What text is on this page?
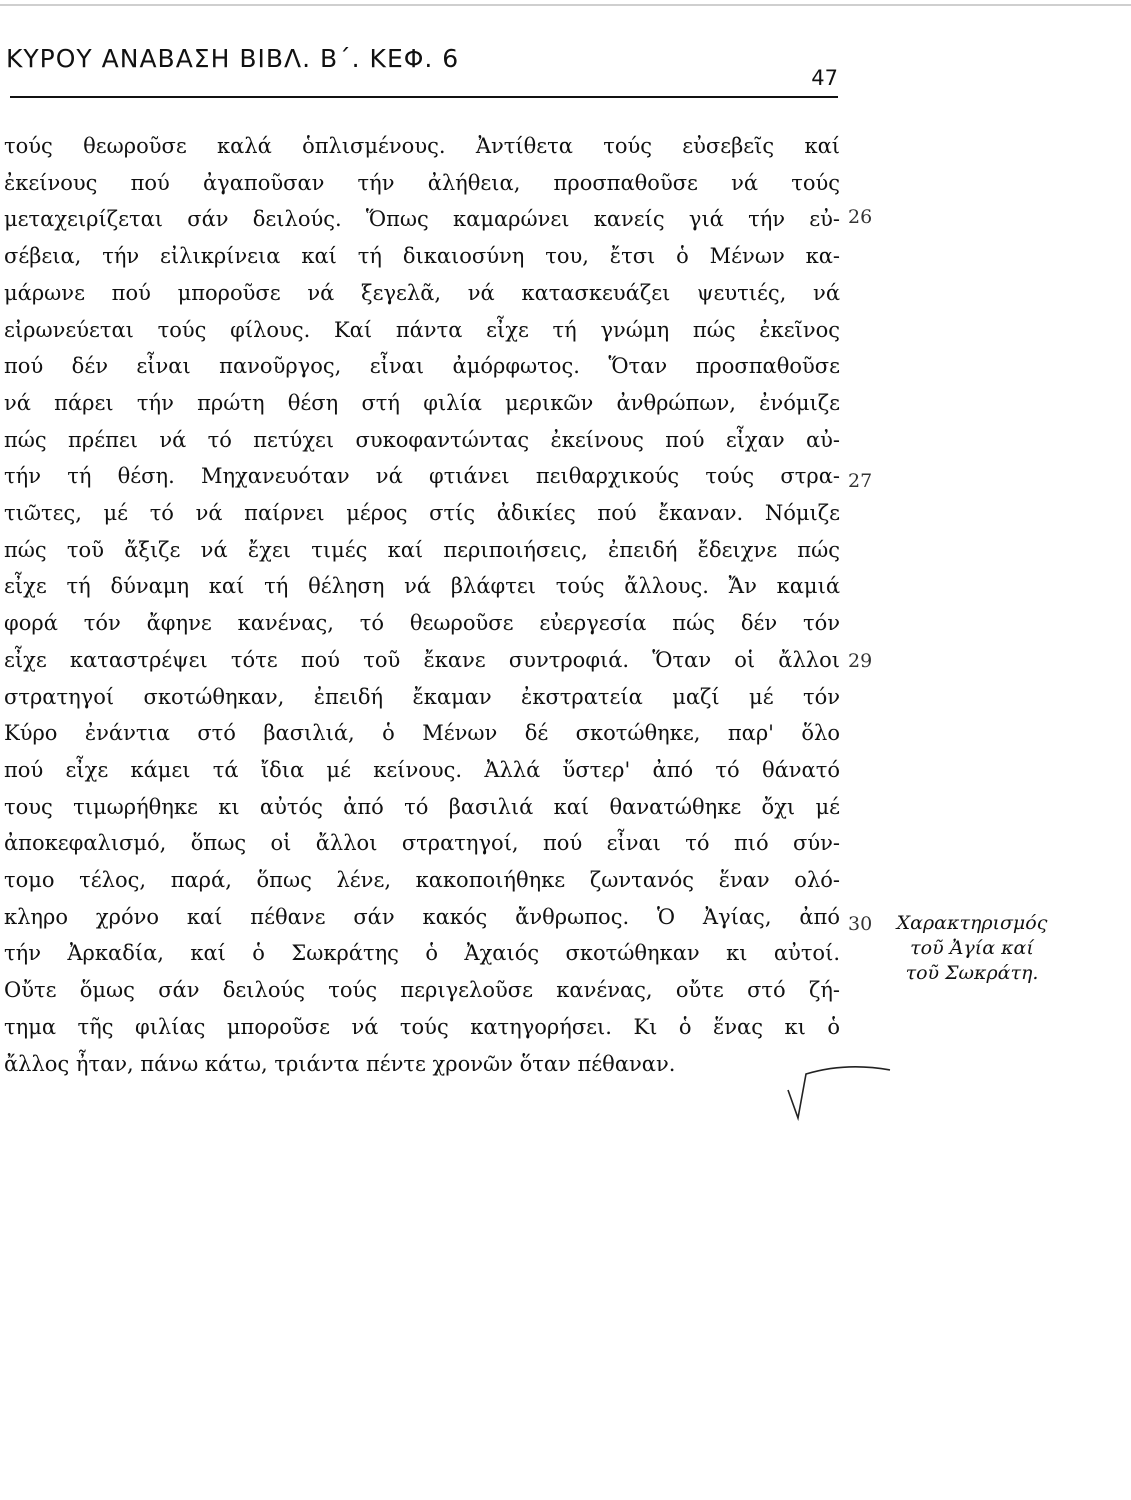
ΚΥΡΟΥ ΑΝΑΒΑΣΗ ΒΙΒΛ. Β΄. ΚΕΦ. 6
47
τούς θεωροῦσε καλά ὁπλισμένους. Ἀντίθετα τούς εὐσεβεῖς καί
ἐκείνους πού ἀγαποῦσαν τήν ἀλήθεια, προσπαθοῦσε νά τούς
μεταχειρίζεται σάν δειλούς. Ὅπως καμαρώνει κανείς γιά τήν εὐ-
σέβεια, τήν εἰλικρίνεια καί τή δικαιοσύνη του, ἔτσι ὁ Μένων κα-
μάρωνε πού μποροῦσε νά ξεγελᾶ, νά κατασκευάζει ψευτιές, νά
εἰρωνεύεται τούς φίλους. Καί πάντα εἶχε τή γνώμη πώς ἐκεῖνος
πού δέν εἶναι πανοῦργος, εἶναι ἀμόρφωτος. Ὅταν προσπαθοῦσε
νά πάρει τήν πρώτη θέση στή φιλία μερικῶν ἀνθρώπων, ἐνόμιζε
πώς πρέπει νά τό πετύχει συκοφαντώντας ἐκείνους πού εἶχαν αὐ-
τήν τή θέση. Μηχανευόταν νά φτιάνει πειθαρχικούς τούς στρα-
τιῶτες, μέ τό νά παίρνει μέρος στίς ἀδικίες πού ἔκαναν. Νόμιζε
πώς τοῦ ἄξιζε νά ἔχει τιμές καί περιποιήσεις, ἐπειδή ἔδειχνε πώς
εἶχε τή δύναμη καί τή θέληση νά βλάφτει τούς ἄλλους. Ἄν καμιά
φορά τόν ἄφηνε κανένας, τό θεωροῦσε εὐεργεσία πώς δέν τόν
εἶχε καταστρέψει τότε πού τοῦ ἔκανε συντροφιά. Ὅταν οἱ ἄλλοι
στρατηγοί σκοτώθηκαν, ἐπειδή ἔκαμαν ἐκστρατεία μαζί μέ τόν
Κύρο ἐνάντια στό βασιλιά, ὁ Μένων δέ σκοτώθηκε, παρ' ὅλο
πού εἶχε κάμει τά ἴδια μέ κείνους. Ἀλλά ὕστερ' ἀπό τό θάνατό
τους τιμωρήθηκε κι αὐτός ἀπό τό βασιλιά καί θανατώθηκε ὄχι μέ
ἀποκεφαλισμό, ὅπως οἱ ἄλλοι στρατηγοί, πού εἶναι τό πιό σύν-
τομο τέλος, παρά, ὅπως λένε, κακοποιήθηκε ζωντανός ἕναν ολό-
κληρο χρόνο καί πέθανε σάν κακός ἄνθρωπος. Ὁ Ἀγίας, ἀπό
τήν Ἀρκαδία, καί ὁ Σωκράτης ὁ Ἀχαιός σκοτώθηκαν κι αὐτοί.
Οὔτε ὅμως σάν δειλούς τούς περιγελοῦσε κανένας, οὔτε στό ζή-
τημα τῆς φιλίας μποροῦσε νά τούς κατηγορήσει. Κι ὁ ἕνας κι ὁ
ἄλλος ἦταν, πάνω κάτω, τριάντα πέντε χρονῶν ὅταν πέθαναν.
26
27
29
30	Χαρακτηρισμός
τοῦ Ἀγία καί
τοῦ Σωκράτη.
